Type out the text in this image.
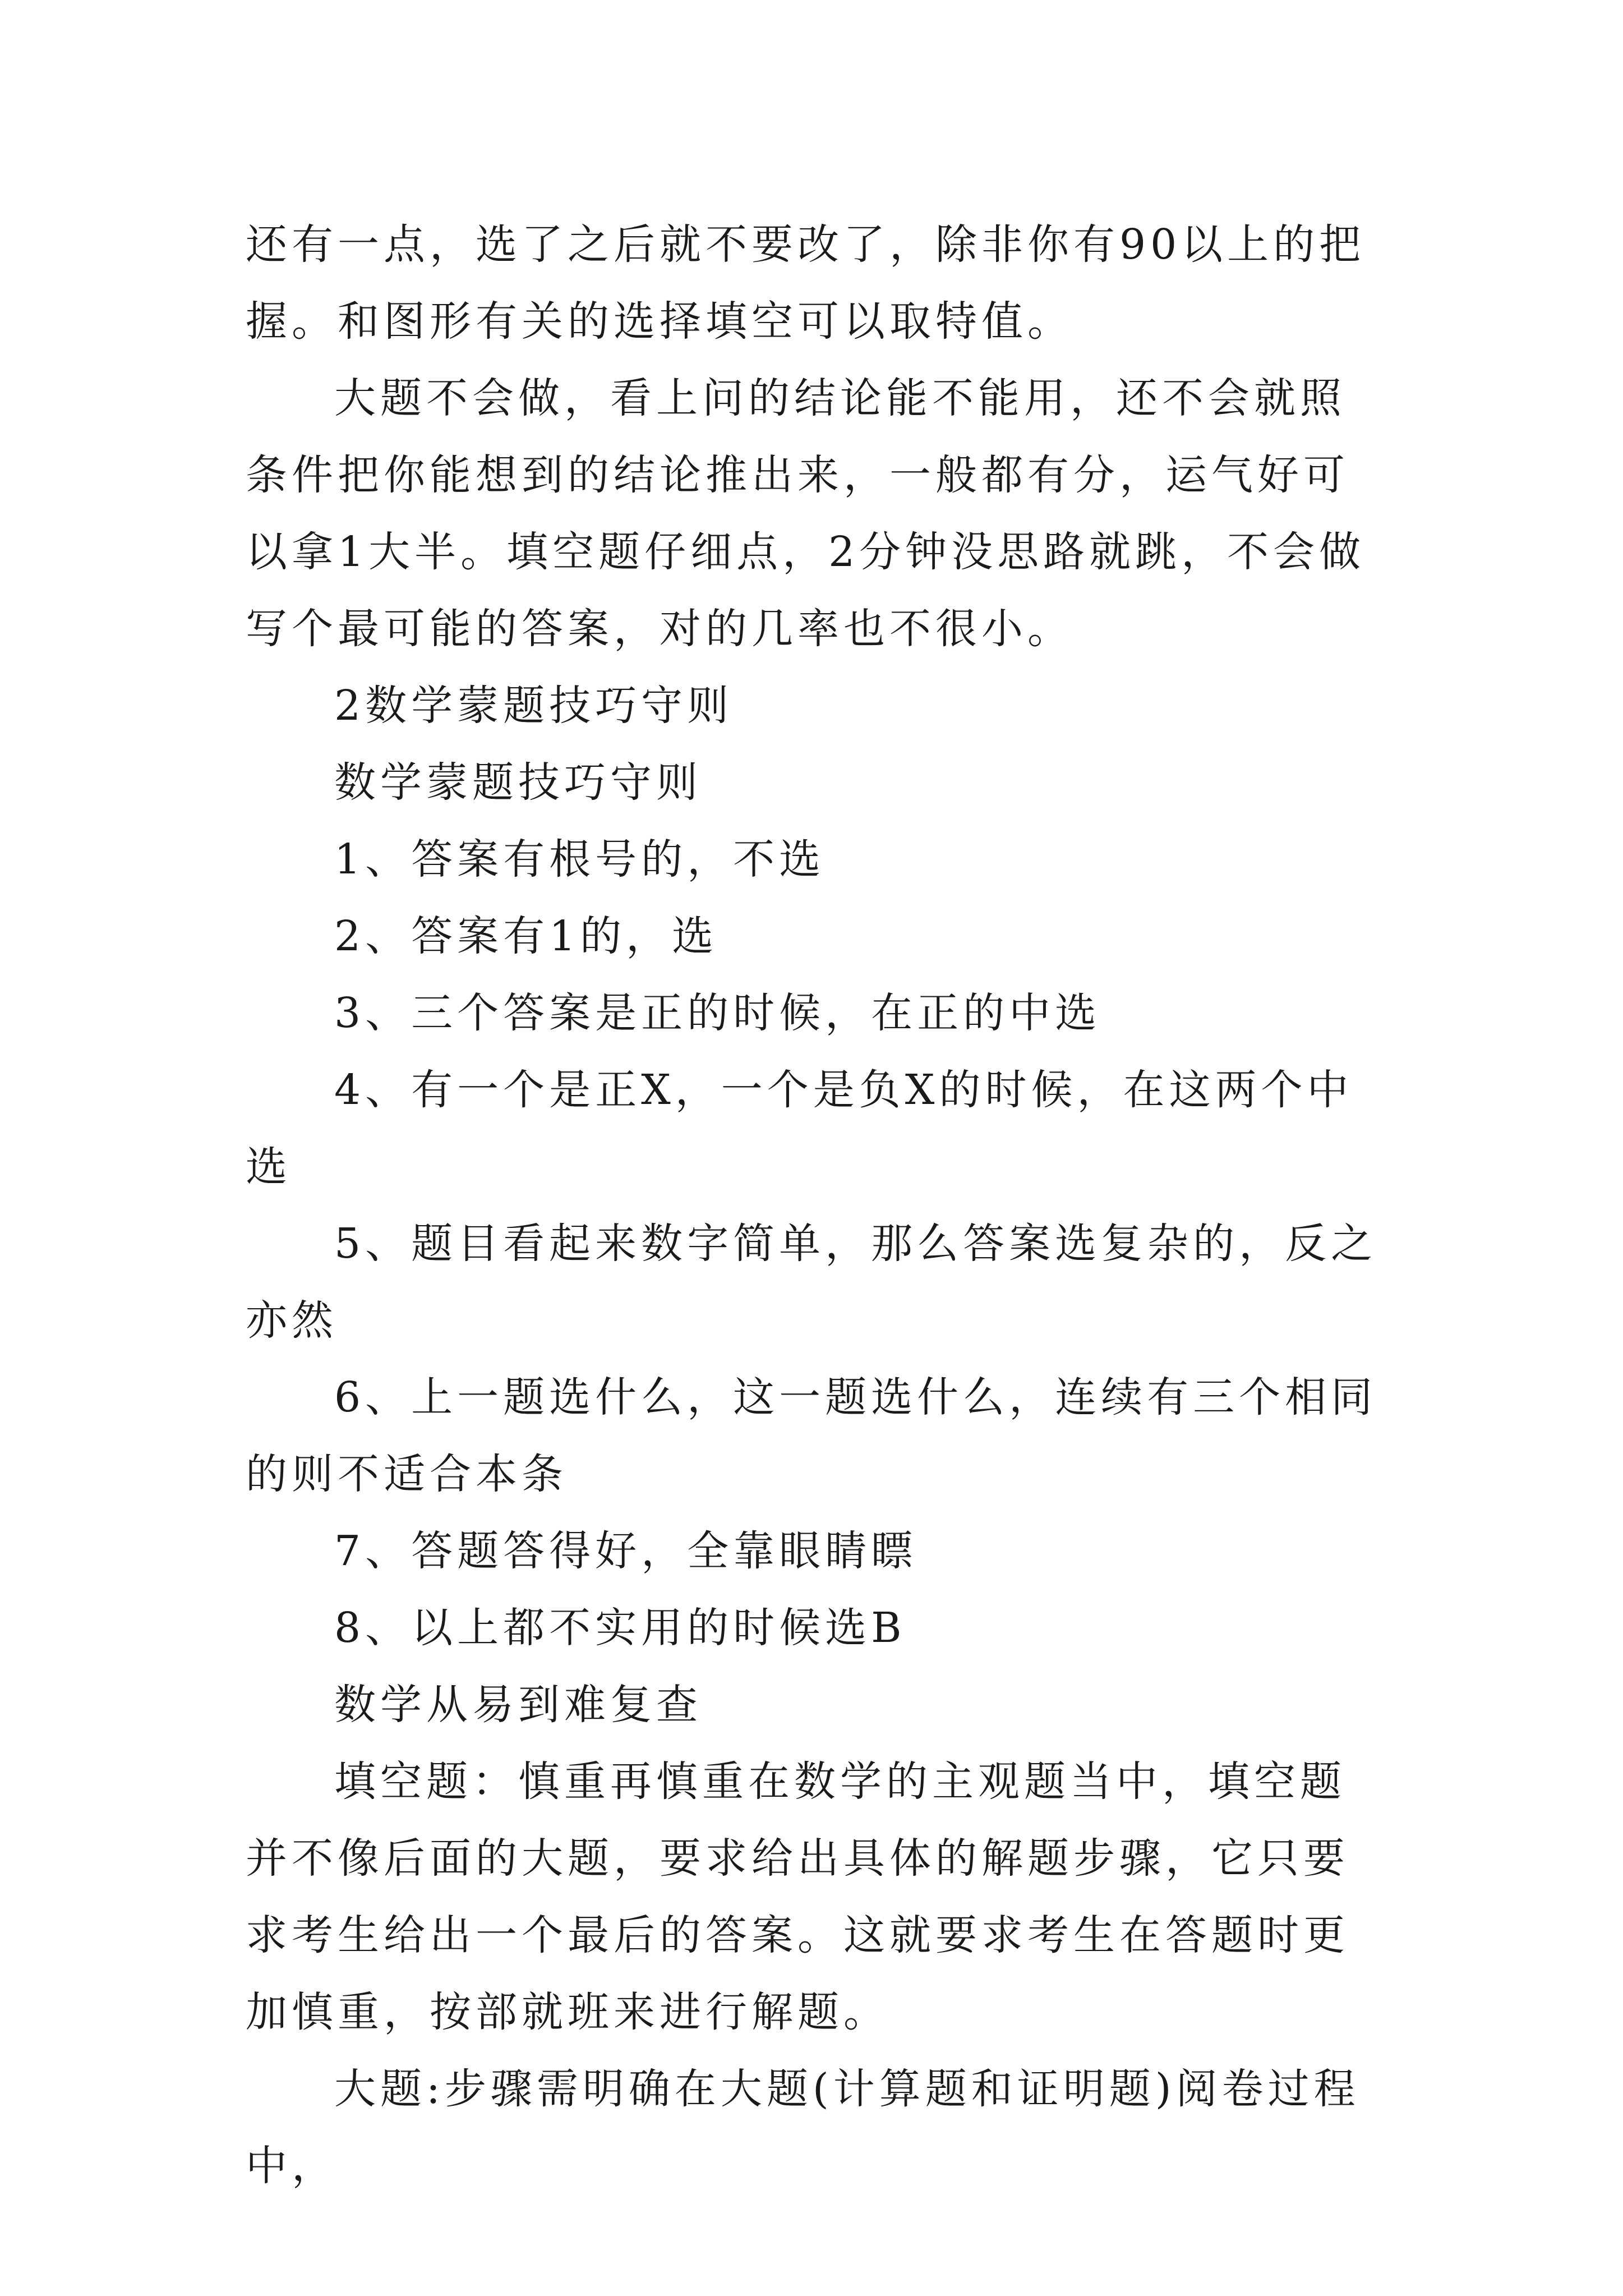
还有一点，选了之后就不要改了，除非你有90以上的把握。和图形有关的选择填空可以取特值。

大题不会做，看上问的结论能不能用，还不会就照条件把你能想到的结论推出来，一般都有分，运气好可以拿1大半。填空题仔细点，2分钟没思路就跳，不会做写个最可能的答案，对的几率也不很小。

2数学蒙题技巧守则

数学蒙题技巧守则

1、答案有根号的，不选

2、答案有1的，选

3、三个答案是正的时候，在正的中选

4、有一个是正X，一个是负X的时候，在这两个中选

5、题目看起来数字简单，那么答案选复杂的，反之亦然

6、上一题选什么，这一题选什么，连续有三个相同的则不适合本条

7、答题答得好，全靠眼睛瞟

8、以上都不实用的时候选B

数学从易到难复查

填空题：慎重再慎重在数学的主观题当中，填空题并不像后面的大题，要求给出具体的解题步骤，它只要求考生给出一个最后的答案。这就要求考生在答题时更加慎重，按部就班来进行解题。

大题:步骤需明确在大题(计算题和证明题)阅卷过程中，
